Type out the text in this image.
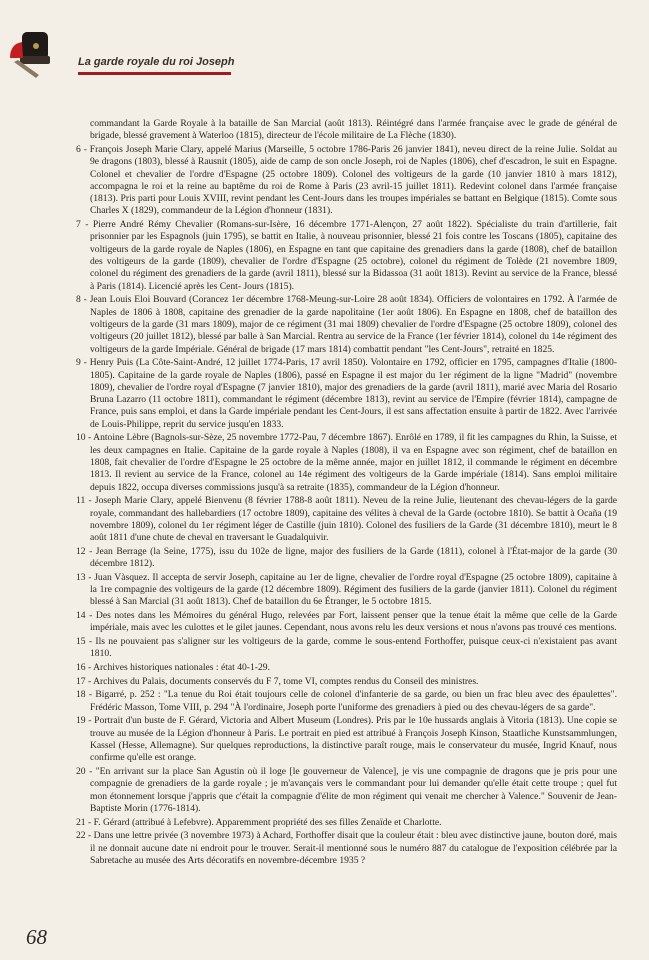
La garde royale du roi Joseph

commandant la Garde Royale à la bataille de San Marcial (août 1813). Réintégré dans l'armée française avec le grade de général de brigade, blessé gravement à Waterloo (1815), directeur de l'école militaire de La Flèche (1830).

6 - François Joseph Marie Clary, appelé Marius (Marseille, 5 octobre 1786-Paris 26 janvier 1841), neveu direct de la reine Julie. Soldat au 9e dragons (1803), blessé à Rausnit (1805), aide de camp de son oncle Joseph, roi de Naples (1806), chef d'escadron, le suit en Espagne. Colonel et chevalier de l'ordre d'Espagne (25 octobre 1809). Colonel des voltigeurs de la garde (10 janvier 1810 à mars 1812), accompagna le roi et la reine au baptême du roi de Rome à Paris (23 avril-15 juillet 1811). Redevint colonel dans l'armée française (1813). Pris parti pour Louis XVIII, revint pendant les Cent-Jours dans les troupes impériales se battant en Belgique (1815). Comte sous Charles X (1829), commandeur de la Légion d'honneur (1831).

7 - Pierre André Rémy Chevalier (Romans-sur-Isère, 16 décembre 1771-Alençon, 27 août 1822). Spécialiste du train d'artillerie, fait prisonnier par les Espagnols (juin 1795), se battit en Italie, à nouveau prisonnier, blessé 21 fois contre les Toscans (1805), capitaine des voltigeurs de la garde royale de Naples (1806), en Espagne en tant que capitaine des grenadiers dans la garde (1808), chef de bataillon des voltigeurs de la garde (1809), chevalier de l'ordre d'Espagne (25 octobre), colonel du régiment de Tolède (21 novembre 1809, colonel du régiment des grenadiers de la garde (avril 1811), blessé sur la Bidassoa (31 août 1813). Revint au service de la France, blessé à Paris (1814). Licencié après les Cent- Jours (1815).

8 - Jean Louis Eloi Bouvard (Corancez 1er décembre 1768-Meung-sur-Loire 28 août 1834). Officiers de volontaires en 1792. À l'armée de Naples de 1806 à 1808, capitaine des grenadier de la garde napolitaine (1er août 1806). En Espagne en 1808, chef de bataillon des voltigeurs de la garde (31 mars 1809), major de ce régiment (31 mai 1809) chevalier de l'ordre d'Espagne (25 octobre 1809), colonel des voltigeurs (20 juillet 1812), blessé par balle à San Marcial. Rentra au service de la France (1er février 1814), colonel du 14e régiment des voltigeurs de la garde Impériale. Général de brigade (17 mars 1814) combattit pendant "les Cent-Jours", retraité en 1825.

9 - Henry Puis (La Côte-Saint-André, 12 juillet 1774-Paris, 17 avril 1850). Volontaire en 1792, officier en 1795, campagnes d'Italie (1800-1805). Capitaine de la garde royale de Naples (1806), passé en Espagne il est major du 1er régiment de la ligne "Madrid" (novembre 1809), chevalier de l'ordre royal d'Espagne (7 janvier 1810), major des grenadiers de la garde (avril 1811), marié avec Maria del Rosario Bruna Lazarro (11 octobre 1811), commandant le régiment (décembre 1813), revint au service de l'Empire (février 1814), campagne de France, puis sans emploi, et dans la Garde impériale pendant les Cent-Jours, il est sans affectation ensuite à partir de 1822. Avec l'arrivée de Louis-Philippe, reprit du service jusqu'en 1833.

10 - Antoine Lèbre (Bagnols-sur-Sèze, 25 novembre 1772-Pau, 7 décembre 1867). Enrôlé en 1789, il fit les campagnes du Rhin, la Suisse, et les deux campagnes en Italie. Capitaine de la garde royale à Naples (1808), il va en Espagne avec son régiment, chef de bataillon en 1808, fait chevalier de l'ordre d'Espagne le 25 octobre de la même année, major en juillet 1812, il commande le régiment en décembre 1813. Il revient au service de la France, colonel au 14e régiment des voltigeurs de la Garde impériale (1814). Sans emploi militaire depuis 1822, occupa diverses commissions jusqu'à sa retraite (1835), commandeur de la Légion d'honneur.

11 - Joseph Marie Clary, appelé Bienvenu (8 février 1788-8 août 1811). Neveu de la reine Julie, lieutenant des chevau-légers de la garde royale, commandant des hallebardiers (17 octobre 1809), capitaine des vélites à cheval de la Garde (octobre 1810). Se battit à Ocaña (19 novembre 1809), colonel du 1er régiment léger de Castille (juin 1810). Colonel des fusiliers de la Garde (31 décembre 1810), meurt le 8 août 1811 d'une chute de cheval en traversant le Guadalquivir.

12 - Jean Berrage (la Seine, 1775), issu du 102e de ligne, major des fusiliers de la Garde (1811), colonel à l'État-major de la garde (30 décembre 1812).

13 - Juan Vàsquez. Il accepta de servir Joseph, capitaine au 1er de ligne, chevalier de l'ordre royal d'Espagne (25 octobre 1809), capitaine à la 1re compagnie des voltigeurs de la garde (12 décembre 1809). Régiment des fusiliers de la garde (janvier 1811). Colonel du régiment blessé à San Marcial (31 août 1813). Chef de bataillon du 6e Étranger, le 5 octobre 1815.

14 - Des notes dans les Mémoires du général Hugo, relevées par Fort, laissent penser que la tenue était la même que celle de la Garde impériale, mais avec les culottes et le gilet jaunes. Cependant, nous avons relu les deux versions et nous n'avons pas trouvé ces mentions.

15 - Ils ne pouvaient pas s'aligner sur les voltigeurs de la garde, comme le sous-entend Forthoffer, puisque ceux-ci n'existaient pas avant 1810.

16 - Archives historiques nationales : état 40-1-29.

17 - Archives du Palais, documents conservés du F 7, tome VI, comptes rendus du Conseil des ministres.

18 - Bigarré, p. 252 : "La tenue du Roi était toujours celle de colonel d'infanterie de sa garde, ou bien un frac bleu avec des épaulettes". Frédéric Masson, Tome VIII, p. 294 "À l'ordinaire, Joseph porte l'uniforme des grenadiers à pied ou des chevau-légers de sa garde".

19 - Portrait d'un buste de F. Gérard, Victoria and Albert Museum (Londres). Pris par le 10e hussards anglais à Vitoria (1813). Une copie se trouve au musée de la Légion d'honneur à Paris. Le portrait en pied est attribué à François Joseph Kinson, Staatliche Kunstsammlungen, Kassel (Hesse, Allemagne). Sur quelques reproductions, la distinctive paraît rouge, mais le conservateur du musée, Ingrid Knauf, nous confirme qu'elle est orange.

20 - "En arrivant sur la place San Agustin où il loge [le gouverneur de Valence], je vis une compagnie de dragons que je pris pour une compagnie de grenadiers de la garde royale ; je m'avançais vers le commandant pour lui demander qu'elle était cette troupe ; quel fut mon étonnement lorsque j'appris que c'était la compagnie d'élite de mon régiment qui venait me chercher à Valence." Souvenir de Jean-Baptiste Morin (1776-1814).

21 - F. Gérard (attribué à Lefebvre). Apparemment propriété des ses filles Zenaïde et Charlotte.

22 - Dans une lettre privée (3 novembre 1973) à Achard, Forthoffer disait que la couleur était : bleu avec distinctive jaune, bouton doré, mais il ne donnait aucune date ni endroit pour le trouver. Serait-il mentionné sous le numéro 887 du catalogue de l'exposition célébrée par la Sabretache au musée des Arts décoratifs en novembre-décembre 1935 ?

68
